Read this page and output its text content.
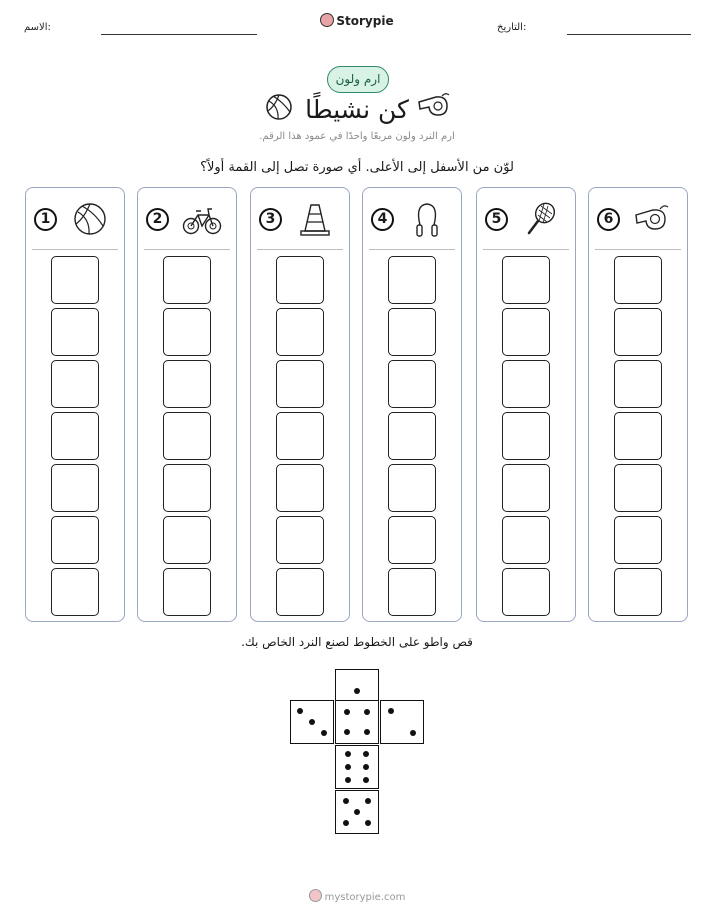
الاسم:	Storypie	التاريخ:
ارم ولون
كن نشيطًا
ارم النرد ولون مربعًا واحدًا في عمود هذا الرقم.
لوّن من الأسفل إلى الأعلى. أي صورة تصل إلى القمة أولاً؟
1	2	3	4	5	6
قص واطو على الخطوط لصنع النرد الخاص بك.
mystorypie.com
